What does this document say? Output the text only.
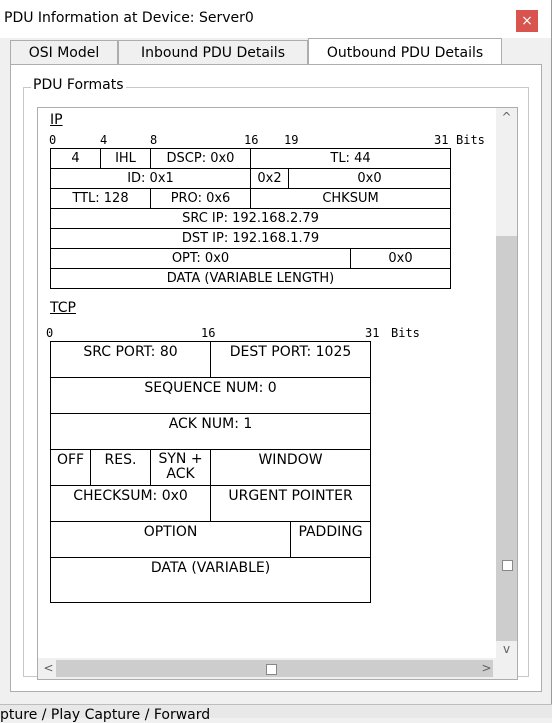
PDU Information at Device: Server0	×
OSI Model	Inbound PDU Details	Outbound PDU Details
PDU Formats
IP
0	4	8	16 19	31 Bits
4	IHL	DSCP: 0x0	TL: 44		
ID: 0x1			0x2	0x0	
TTL: 128		PRO: 0x6	CHKSUM		
SRC IP: 192.168.2.79					
DST IP: 192.168.1.79					
OPT: 0x0					0x0
DATA (VARIABLE LENGTH)					
TCP
0	16	31 Bits
SRC PORT: 80			DEST PORT: 1025	
SEQUENCE NUM: 0				
ACK NUM: 1				
OFF	RES.	SYN + ACK	WINDOW	
CHECKSUM: 0x0			URGENT POINTER	
OPTION				PADDING
DATA (VARIABLE)				
^
v
<	>
pture / Play Capture / Forward
